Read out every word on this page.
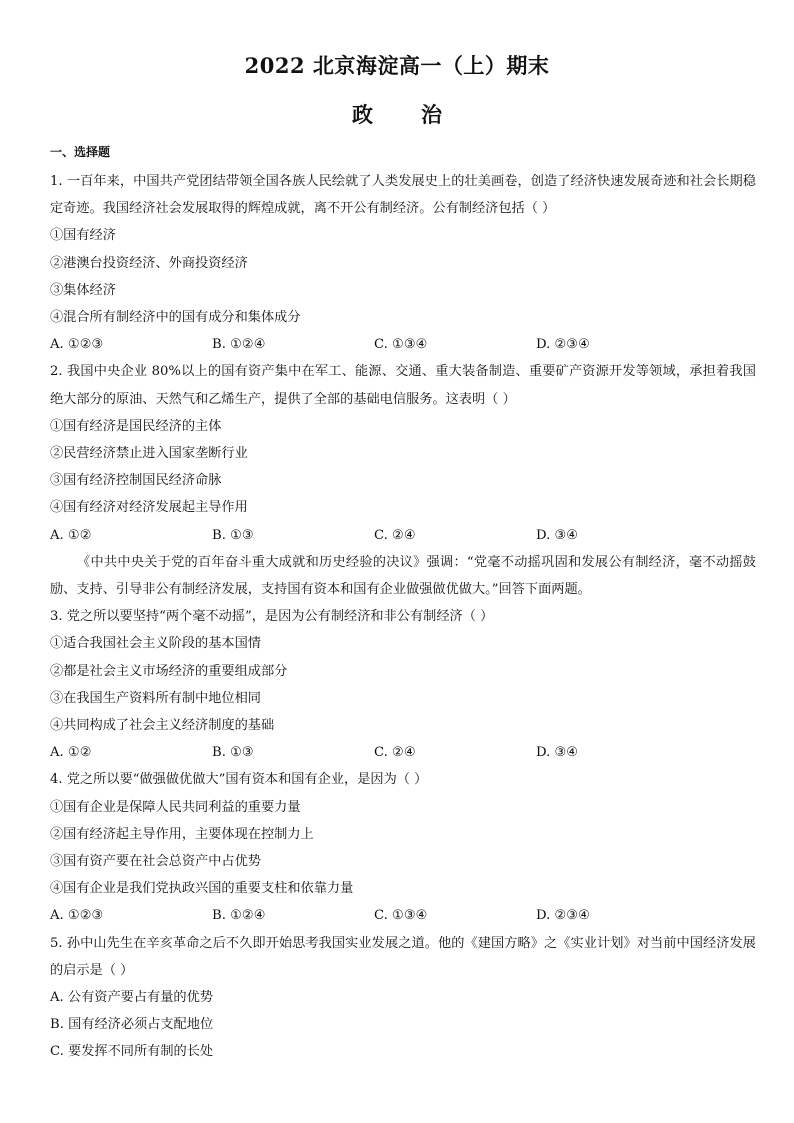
2022 北京海淀高一（上）期末
政 治
一、选择题
1. 一百年来，中国共产党团结带领全国各族人民绘就了人类发展史上的壮美画卷，创造了经济快速发展奇迹和社会长期稳定奇迹。我国经济社会发展取得的辉煌成就，离不开公有制经济。公有制经济包括（ ）
①国有经济
②港澳台投资经济、外商投资经济
③集体经济
④混合所有制经济中的国有成分和集体成分
A. ①②③	B. ①②④	C. ①③④	D. ②③④
2. 我国中央企业 80%以上的国有资产集中在军工、能源、交通、重大装备制造、重要矿产资源开发等领域，承担着我国绝大部分的原油、天然气和乙烯生产，提供了全部的基础电信服务。这表明（ ）
①国有经济是国民经济的主体
②民营经济禁止进入国家垄断行业
③国有经济控制国民经济命脉
④国有经济对经济发展起主导作用
A. ①②	B. ①③	C. ②④	D. ③④
《中共中央关于党的百年奋斗重大成就和历史经验的决议》强调：“党毫不动摇巩固和发展公有制经济，毫不动摇鼓励、支持、引导非公有制经济发展，支持国有资本和国有企业做强做优做大。”回答下面两题。
3. 党之所以要坚持“两个毫不动摇”，是因为公有制经济和非公有制经济（ ）
①适合我国社会主义阶段的基本国情
②都是社会主义市场经济的重要组成部分
③在我国生产资料所有制中地位相同
④共同构成了社会主义经济制度的基础
A. ①②	B. ①③	C. ②④	D. ③④
4. 党之所以要“做强做优做大”国有资本和国有企业，是因为（ ）
①国有企业是保障人民共同利益的重要力量
②国有经济起主导作用，主要体现在控制力上
③国有资产要在社会总资产中占优势
④国有企业是我们党执政兴国的重要支柱和依靠力量
A. ①②③	B. ①②④	C. ①③④	D. ②③④
5. 孙中山先生在辛亥革命之后不久即开始思考我国实业发展之道。他的《建国方略》之《实业计划》对当前中国经济发展的启示是（ ）
A. 公有资产要占有量的优势
B. 国有经济必须占支配地位
C. 要发挥不同所有制的长处
